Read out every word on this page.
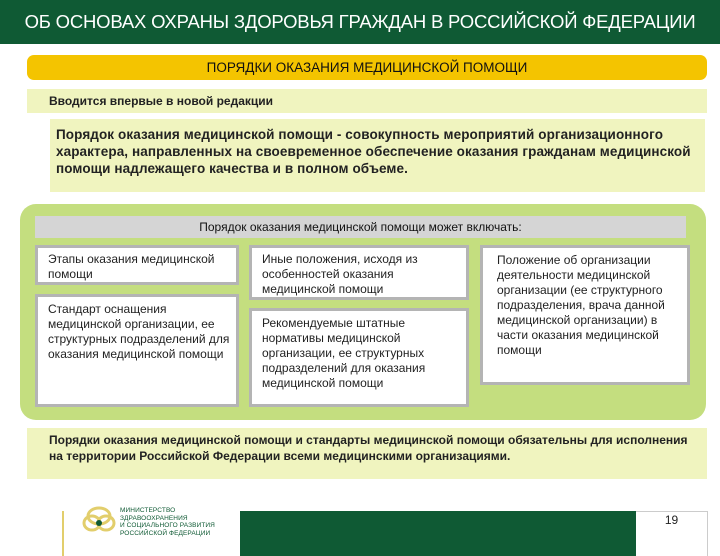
ОБ ОСНОВАХ ОХРАНЫ ЗДОРОВЬЯ ГРАЖДАН В РОССИЙСКОЙ ФЕДЕРАЦИИ
ПОРЯДКИ ОКАЗАНИЯ МЕДИЦИНСКОЙ ПОМОЩИ
Вводится впервые в новой редакции
Порядок оказания медицинской помощи - совокупность мероприятий организационного характера, направленных на своевременное обеспечение оказания гражданам медицинской помощи надлежащего качества и в полном объеме.
Порядок оказания медицинской помощи может включать:
Этапы оказания медицинской помощи
Стандарт оснащения медицинской организации, ее структурных подразделений для оказания медицинской помощи
Иные положения, исходя из особенностей оказания медицинской помощи
Рекомендуемые штатные нормативы медицинской организации, ее структурных подразделений для оказания медицинской помощи
Положение об организации деятельности медицинской организации (ее структурного подразделения, врача данной медицинской организации) в части оказания медицинской помощи
Порядки оказания медицинской помощи и стандарты медицинской помощи обязательны для исполнения на территории Российской Федерации всеми медицинскими организациями.
МИНИСТЕРСТВО
ЗДРАВООХРАНЕНИЯ
И СОЦИАЛЬНОГО РАЗВИТИЯ
РОССИЙСКОЙ ФЕДЕРАЦИИ
19
